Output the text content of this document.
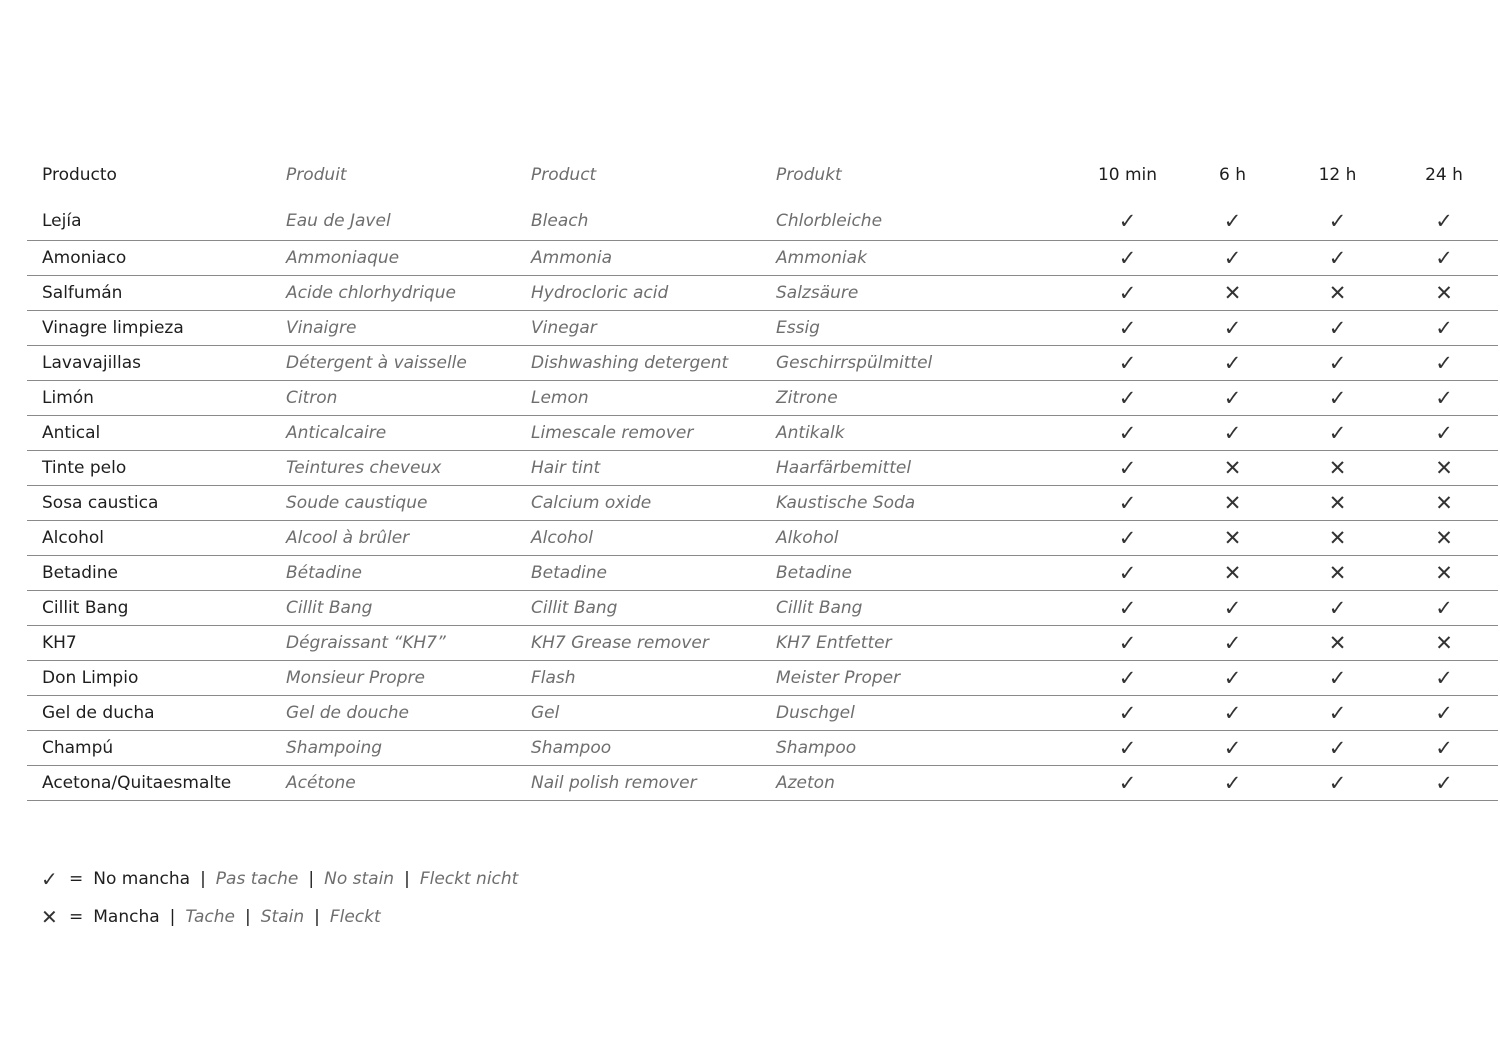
Producto	Produit	Product	Produkt	10 min	6 h	12 h	24 h
Lejía	Eau de Javel	Bleach	Chlorbleiche	✓	✓	✓	✓
Amoniaco	Ammoniaque	Ammonia	Ammoniak	✓	✓	✓	✓
Salfumán	Acide chlorhydrique	Hydrocloric acid	Salzsäure	✓	✕	✕	✕
Vinagre limpieza	Vinaigre	Vinegar	Essig	✓	✓	✓	✓
Lavavajillas	Détergent à vaisselle	Dishwashing detergent	Geschirrspülmittel	✓	✓	✓	✓
Limón	Citron	Lemon	Zitrone	✓	✓	✓	✓
Antical	Anticalcaire	Limescale remover	Antikalk	✓	✓	✓	✓
Tinte pelo	Teintures cheveux	Hair tint	Haarfärbemittel	✓	✕	✕	✕
Sosa caustica	Soude caustique	Calcium oxide	Kaustische Soda	✓	✕	✕	✕
Alcohol	Alcool à brûler	Alcohol	Alkohol	✓	✕	✕	✕
Betadine	Bétadine	Betadine	Betadine	✓	✕	✕	✕
Cillit Bang	Cillit Bang	Cillit Bang	Cillit Bang	✓	✓	✓	✓
KH7	Dégraissant “KH7”	KH7 Grease remover	KH7 Entfetter	✓	✓	✕	✕
Don Limpio	Monsieur Propre	Flash	Meister Proper	✓	✓	✓	✓
Gel de ducha	Gel de douche	Gel	Duschgel	✓	✓	✓	✓
Champú	Shampoing	Shampoo	Shampoo	✓	✓	✓	✓
Acetona/Quitaesmalte	Acétone	Nail polish remover	Azeton	✓	✓	✓	✓
✓ = No mancha | Pas tache | No stain | Fleckt nicht
✕ = Mancha | Tache | Stain | Fleckt
